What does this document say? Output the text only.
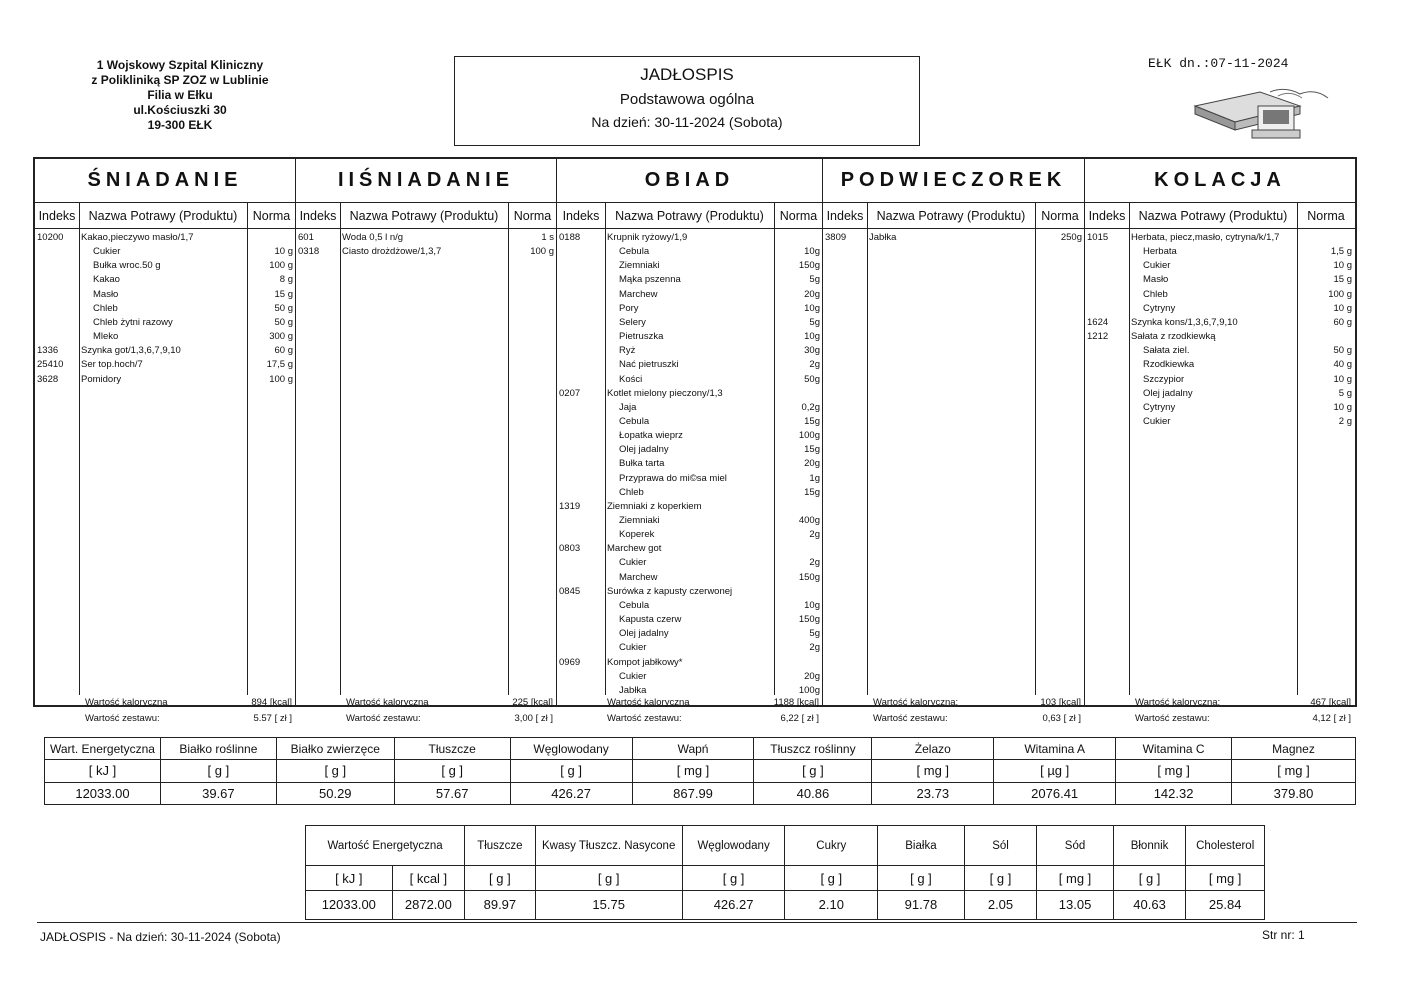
1 Wojskowy Szpital Kliniczny
z Polikliniką SP ZOZ w Lublinie
Filia w Ełku
ul.Kościuszki 30
19-300 EŁK
JADŁOSPIS
Podstawowa ogólna
Na dzień: 30-11-2024 (Sobota)
EŁK dn.:07-11-2024
ŚNIADANIE
Indeks	Nazwa Potrawy (Produktu)	Norma
10200 Kakao,pieczywo masło/1,7
Cukier	10 g
Bułka wroc.50 g	100 g
Kakao	8 g
Masło	15 g
Chleb	50 g
Chleb żytni razowy	50 g
Mleko	300 g
1336 Szynka got/1,3,6,7,9,10	60 g
25410 Ser top.hoch/7	17,5 g
3628 Pomidory	100 g
Wartość kaloryczna	894 [kcal]
Wartość zestawu:	5.57 [ zł ]
IIŚNIADANIE
Indeks	Nazwa Potrawy (Produktu)	Norma
601	Woda 0,5 l n/g	1 s
0318 Ciasto drożdżowe/1,3,7	100 g
Wartość kaloryczna	225 [kcal]
Wartość zestawu:	3,00 [ zł ]
OBIAD
Indeks	Nazwa Potrawy (Produktu)	Norma
0188	Krupnik ryżowy/1,9
Cebula	10g
Ziemniaki	150g
Mąka pszenna	5g
Marchew	20g
Pory	10g
Selery	5g
Pietruszka	10g
Ryż	30g
Nać pietruszki	2g
Kości	50g
0207	Kotlet mielony pieczony/1,3
Jaja	0,2g
Cebula	15g
Łopatka wieprz	100g
Olej jadalny	15g
Bułka tarta	20g
Przyprawa do mi©sa miel	1g
Chleb	15g
1319	Ziemniaki z koperkiem
Ziemniaki	400g
Koperek	2g
0803	Marchew got
Cukier	2g
Marchew	150g
0845	Surówka z kapusty czerwonej
Cebula	10g
Kapusta czerw	150g
Olej jadalny	5g
Cukier	2g
0969	Kompot jabłkowy*
Cukier	20g
Jabłka	100g
Wartość kaloryczna	1188 [kcal]
Wartość zestawu:	6,22 [ zł ]
PODWIECZOREK
Indeks	Nazwa Potrawy (Produktu)	Norma
3809 Jabłka	250g
Wartość kaloryczna:	103 [kcal]
Wartość zestawu:	0,63 [ zł ]
KOLACJA
Indeks	Nazwa Potrawy (Produktu)	Norma
1015 Herbata, piecz,masło, cytryna/k/1,7
Herbata	1,5 g
Cukier	10 g
Masło	15 g
Chleb	100 g
Cytryny	10 g
1624 Szynka kons/1,3,6,7,9,10	60 g
1212 Sałata z rzodkiewką
Sałata ziel.	50 g
Rzodkiewka	40 g
Szczypior	10 g
Olej jadalny	5 g
Cytryny	10 g
Cukier	2 g
Wartość kaloryczna:	467 [kcal]
Wartość zestawu:	4,12 [ zł ]
Wart. Energetyczna	Białko roślinne	Białko zwierzęce	Tłuszcze	Węglowodany	Wapń	Tłuszcz roślinny	Żelazo	Witamina A	Witamina C	Magnez
[ kJ ]	[ g ]	[ g ]	[ g ]	[ g ]	[ mg ]	[ g ]	[ mg ]	[ µg ]	[ mg ]	[ mg ]
12033.00	39.67	50.29	57.67	426.27	867.99	40.86	23.73	2076.41	142.32	379.80
Wartość Energetyczna		Tłuszcze	Kwasy Tłuszcz. Nasycone	Węglowodany	Cukry	Białka	Sól	Sód	Błonnik	Cholesterol
[ kJ ]	[ kcal ]	[ g ]	[ g ]	[ g ]	[ g ]	[ g ]	[ g ]	[ mg ]	[ g ]	[ mg ]
12033.00	2872.00	89.97	15.75	426.27	2.10	91.78	2.05	13.05	40.63	25.84
JADŁOSPIS - Na dzień: 30-11-2024 (Sobota)	Str nr: 1
